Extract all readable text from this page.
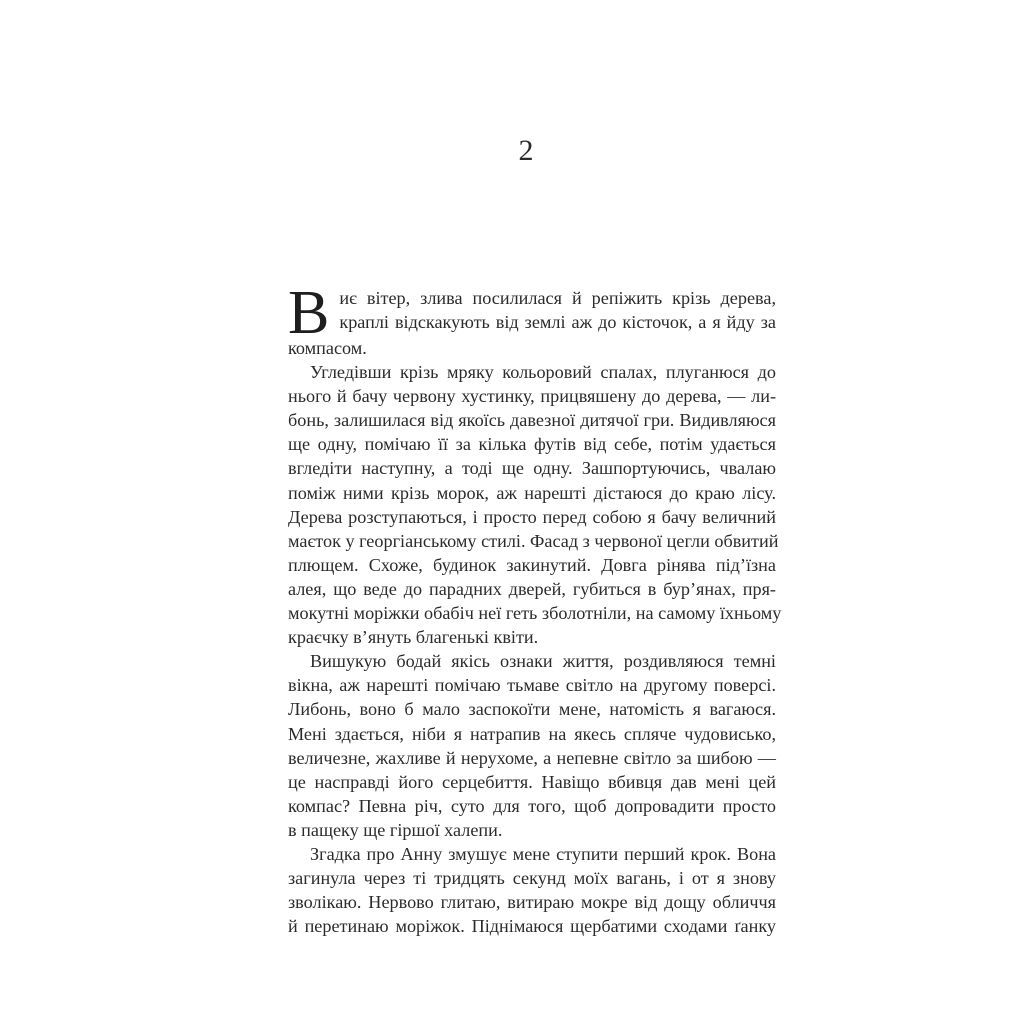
2
В иє вітер, злива посилилася й репіжить крізь дерева,
краплі відскакують від землі аж до кісточок, а я йду за
компасом.
Угледівши крізь мряку кольоровий спалах, плуганюся до
нього й бачу червону хустинку, прицвяшену до дерева, — ли-
бонь, залишилася від якоїсь давезної дитячої гри. Видивляюся
ще одну, помічаю її за кілька футів від себе, потім удається
вгледіти наступну, а тоді ще одну. Зашпортуючись, чвалаю
поміж ними крізь морок, аж нарешті дістаюся до краю лісу.
Дерева розступаються, і просто перед собою я бачу величний
маєток у георгіанському стилі. Фасад з червоної цегли обвитий
плющем. Схоже, будинок закинутий. Довга рінява під’їзна
алея, що веде до парадних дверей, губиться в бур’янах, пря-
мокутні моріжки обабіч неї геть зболотніли, на самому їхньому
краєчку в’януть благенькі квіти.
Вишукую бодай якісь ознаки життя, роздивляюся темні
вікна, аж нарешті помічаю тьмаве світло на другому поверсі.
Либонь, воно б мало заспокоїти мене, натомість я вагаюся.
Мені здається, ніби я натрапив на якесь спляче чудовисько,
величезне, жахливе й нерухоме, а непевне світло за шибою —
це насправді його серцебиття. Навіщо вбивця дав мені цей
компас? Певна річ, суто для того, щоб допровадити просто
в пащеку ще гіршої халепи.
Згадка про Анну змушує мене ступити перший крок. Вона
загинула через ті тридцять секунд моїх вагань, і от я знову
зволікаю. Нервово глитаю, витираю мокре від дощу обличчя
й перетинаю моріжок. Піднімаюся щербатими сходами ґанку
